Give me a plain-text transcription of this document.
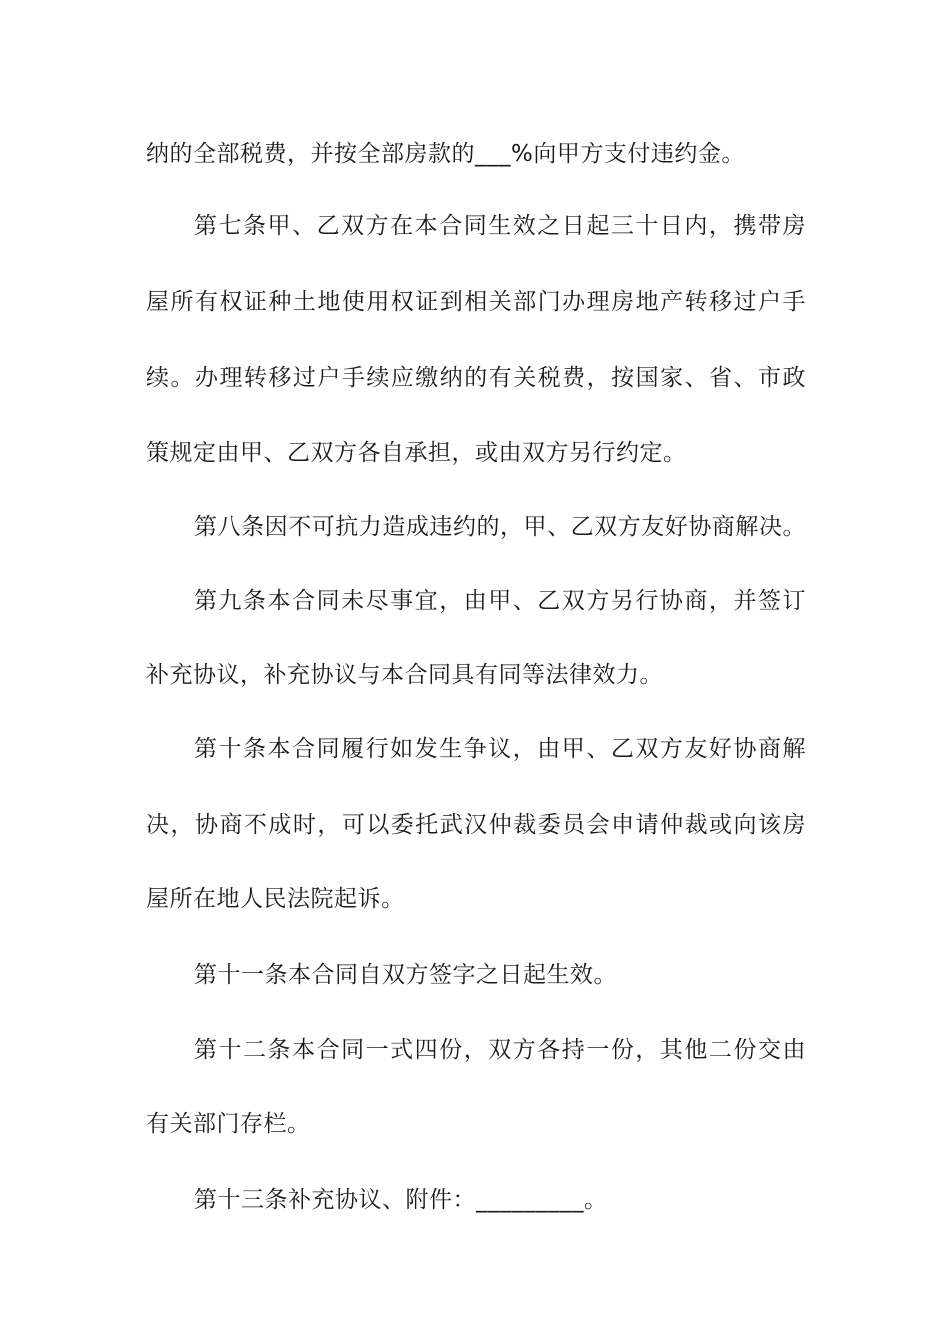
纳的全部税费，并按全部房款的___%向甲方支付违约金。
第七条甲、乙双方在本合同生效之日起三十日内，携带房
屋所有权证种土地使用权证到相关部门办理房地产转移过户手
续。办理转移过户手续应缴纳的有关税费，按国家、省、市政
策规定由甲、乙双方各自承担，或由双方另行约定。
第八条因不可抗力造成违约的，甲、乙双方友好协商解决。
第九条本合同未尽事宜，由甲、乙双方另行协商，并签订
补充协议，补充协议与本合同具有同等法律效力。
第十条本合同履行如发生争议，由甲、乙双方友好协商解
决，协商不成时，可以委托武汉仲裁委员会申请仲裁或向该房
屋所在地人民法院起诉。
第十一条本合同自双方签字之日起生效。
第十二条本合同一式四份，双方各持一份，其他二份交由
有关部门存栏。
第十三条补充协议、附件：_________。
